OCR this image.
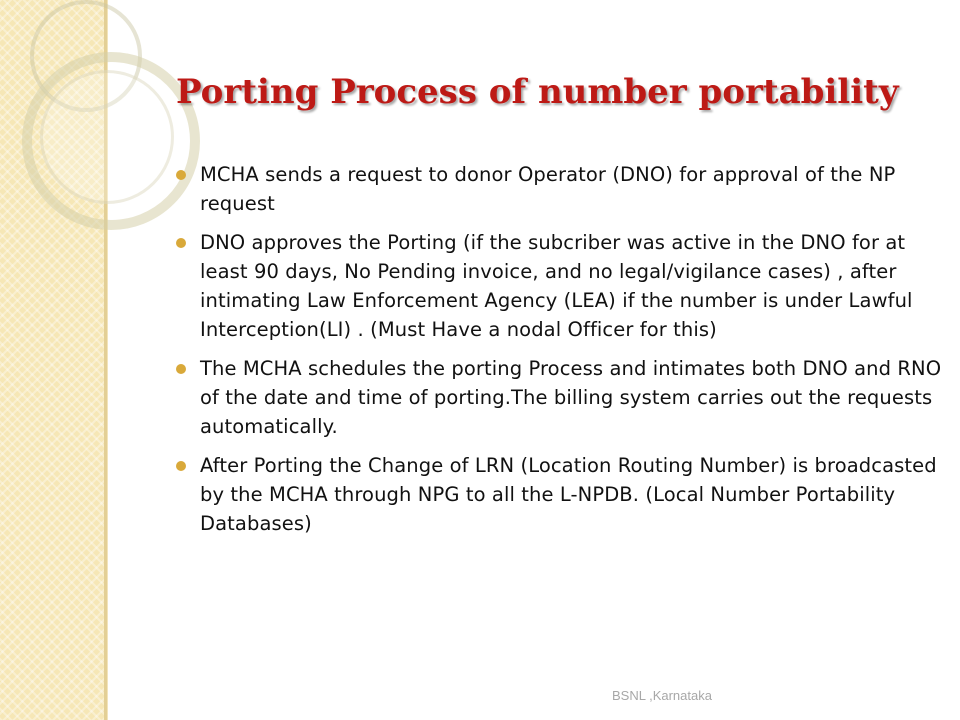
Porting Process of number portability
MCHA sends a request to donor Operator (DNO) for approval of the NP request
DNO approves the Porting (if the subcriber was active in the DNO for at least 90 days, No Pending invoice, and no legal/vigilance cases) , after intimating Law Enforcement Agency (LEA) if the number is under Lawful Interception(LI) . (Must Have a nodal Officer for this)
The MCHA schedules the porting Process and intimates both DNO and RNO of the date and time of porting.The billing system carries out the requests automatically.
After Porting the Change of LRN (Location Routing Number) is broadcasted by the MCHA through NPG to all the L-NPDB. (Local Number Portability Databases)
BSNL ,Karnataka
